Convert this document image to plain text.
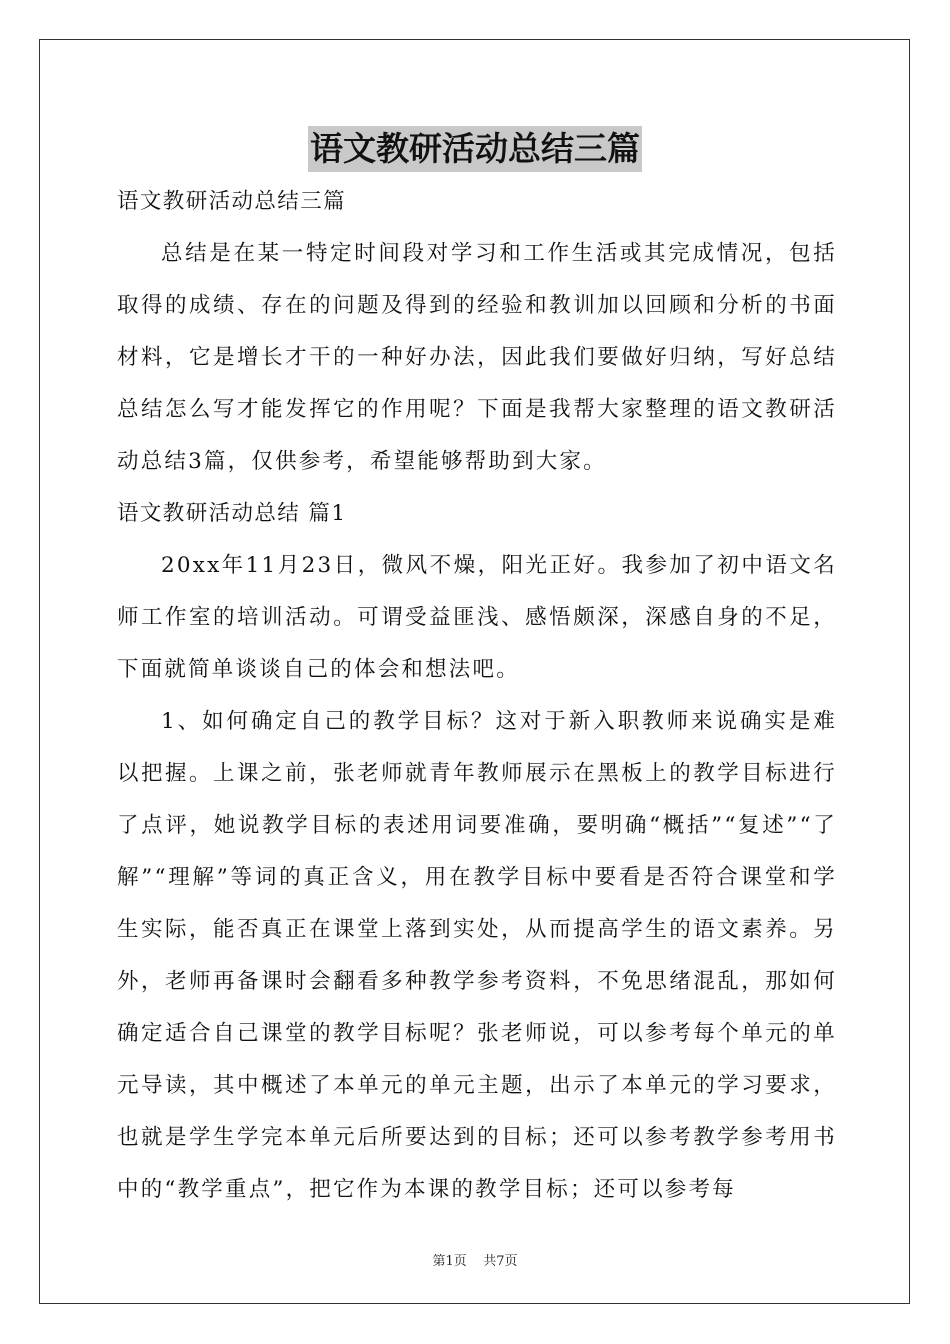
语文教研活动总结三篇

语文教研活动总结三篇

总结是在某一特定时间段对学习和工作生活或其完成情况，包括取得的成绩、存在的问题及得到的经验和教训加以回顾和分析的书面材料，它是增长才干的一种好办法，因此我们要做好归纳，写好总结总结怎么写才能发挥它的作用呢？下面是我帮大家整理的语文教研活动总结3篇，仅供参考，希望能够帮助到大家。

语文教研活动总结 篇1

20xx年11月23日，微风不燥，阳光正好。我参加了初中语文名师工作室的培训活动。可谓受益匪浅、感悟颇深，深感自身的不足，下面就简单谈谈自己的体会和想法吧。

1、如何确定自己的教学目标？这对于新入职教师来说确实是难以把握。上课之前，张老师就青年教师展示在黑板上的教学目标进行了点评，她说教学目标的表述用词要准确，要明确“概括”“复述”“了解”“理解”等词的真正含义，用在教学目标中要看是否符合课堂和学生实际，能否真正在课堂上落到实处，从而提高学生的语文素养。另外，老师再备课时会翻看多种教学参考资料，不免思绪混乱，那如何确定适合自己课堂的教学目标呢？张老师说，可以参考每个单元的单元导读，其中概述了本单元的单元主题，出示了本单元的学习要求，也就是学生学完本单元后所要达到的目标；还可以参考教学参考用书中的“教学重点”，把它作为本课的教学目标；还可以参考每

第1页    共7页
